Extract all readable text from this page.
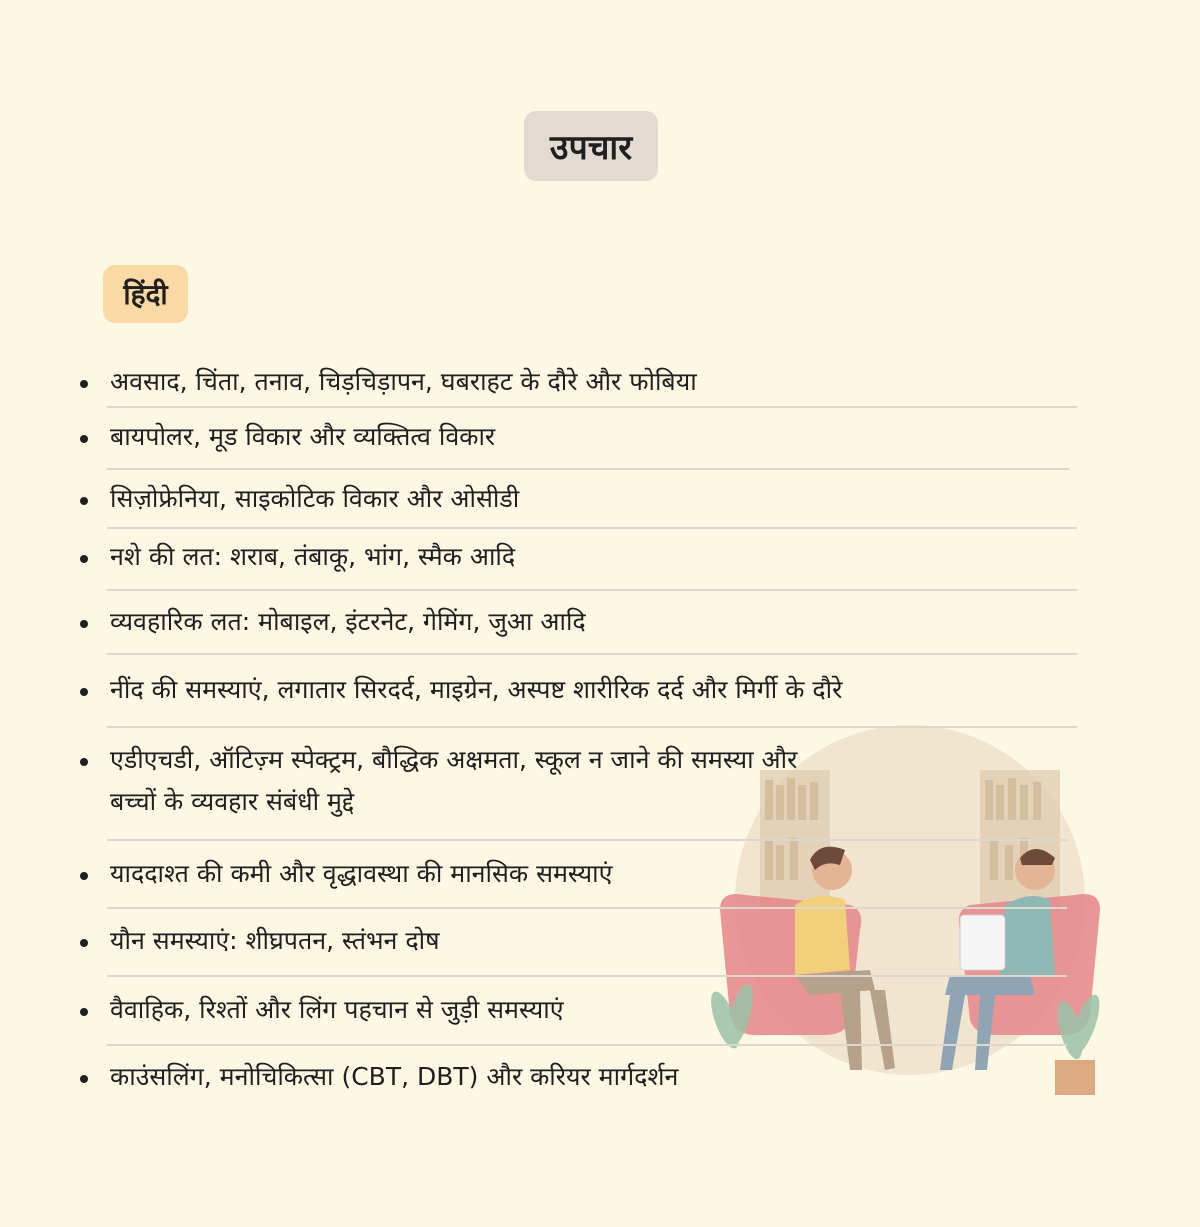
उपचार
हिंदी
अवसाद, चिंता, तनाव, चिड़चिड़ापन, घबराहट के दौरे और फोबिया
बायपोलर, मूड विकार और व्यक्तित्व विकार
सिज़ोफ्रेनिया, साइकोटिक विकार और ओसीडी
नशे की लत: शराब, तंबाकू, भांग, स्मैक आदि
व्यवहारिक लत: मोबाइल, इंटरनेट, गेमिंग, जुआ आदि
नींद की समस्याएं, लगातार सिरदर्द, माइग्रेन, अस्पष्ट शारीरिक दर्द और मिर्गी के दौरे
एडीएचडी, ऑटिज़्म स्पेक्ट्रम, बौद्धिक अक्षमता, स्कूल न जाने की समस्या और
बच्चों के व्यवहार संबंधी मुद्दे
याददाश्त की कमी और वृद्धावस्था की मानसिक समस्याएं
यौन समस्याएं: शीघ्रपतन, स्तंभन दोष
वैवाहिक, रिश्तों और लिंग पहचान से जुड़ी समस्याएं
काउंसलिंग, मनोचिकित्सा (CBT, DBT) और करियर मार्गदर्शन
